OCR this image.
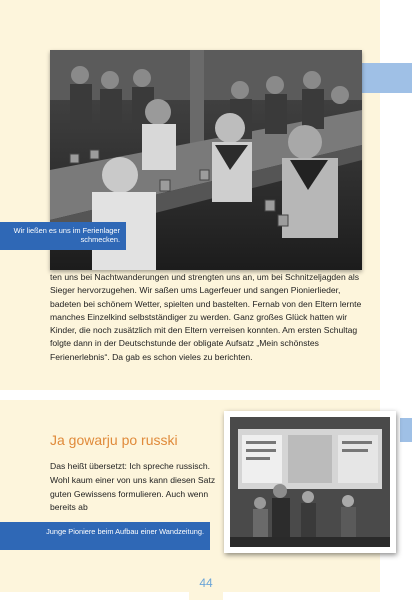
Wir ließen es uns im Ferienlager schmecken.
ten uns bei Nachtwanderungen und strengten uns an, um bei Schnitzeljagden als Sieger hervorzugehen. Wir saßen ums Lagerfeuer und sangen Pionierlieder, badeten bei schönem Wetter, spielten und bastelten. Fernab von den Eltern lernte manches Einzelkind selbstständiger zu werden. Ganz großes Glück hatten wir Kinder, die noch zusätzlich mit den Eltern verreisen konnten. Am ersten Schultag folgte dann in der Deutschstunde der obligate Aufsatz „Mein schönstes Ferienerlebnis“. Da gab es schon vieles zu berichten.
Ja gowarju po russki
Das heißt übersetzt: Ich spreche russisch. Wohl kaum einer von uns kann diesen Satz guten Gewissens formulieren. Auch wenn bereits ab
Junge Pioniere beim Aufbau einer Wandzeitung.
44
